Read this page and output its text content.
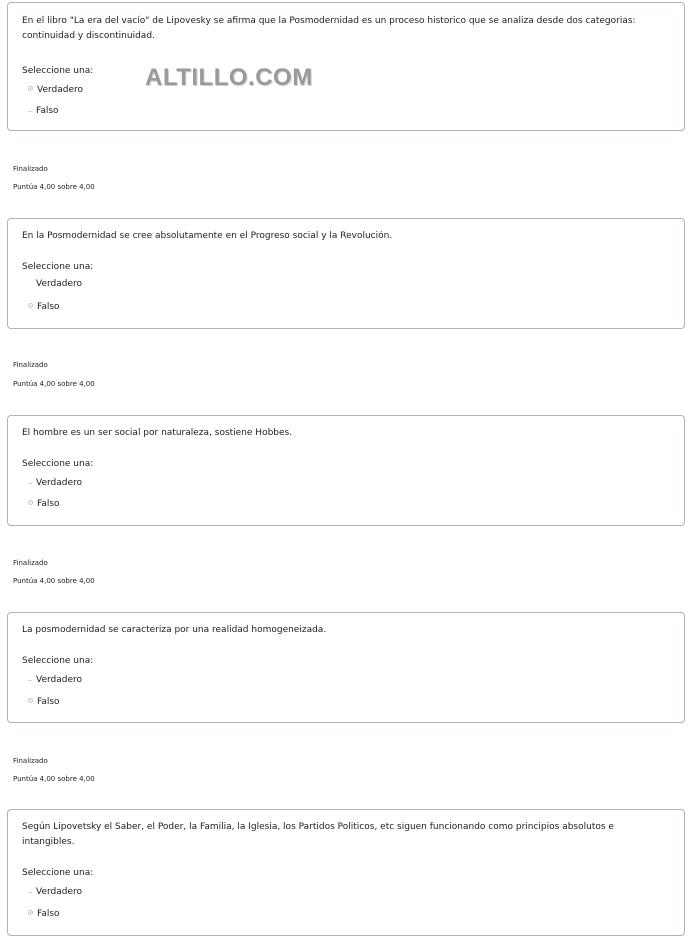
En el libro "La era del vacío" de Lipovesky se afirma que la Posmodernidad es un proceso historico que se analiza desde dos categorias: continuidad y discontinuidad.
Seleccione una:
Verdadero
Falso
ALTILLO.COM
Finalizado
Puntúa 4,00 sobre 4,00
En la Posmodernidad se cree absolutamente en el Progreso social y la Revolución.
Seleccione una:
Verdadero
Falso
Finalizado
Puntúa 4,00 sobre 4,00
El hombre es un ser social por naturaleza, sostiene Hobbes.
Seleccione una:
Verdadero
Falso
Finalizado
Puntúa 4,00 sobre 4,00
La posmodernidad se caracteriza por una realidad homogeneizada.
Seleccione una:
Verdadero
Falso
Finalizado
Puntúa 4,00 sobre 4,00
Según Lipovetsky el Saber, el Poder, la Familia, la Iglesia, los Partidos Politicos, etc siguen funcionando como principios absolutos e intangibles.
Seleccione una:
Verdadero
Falso
